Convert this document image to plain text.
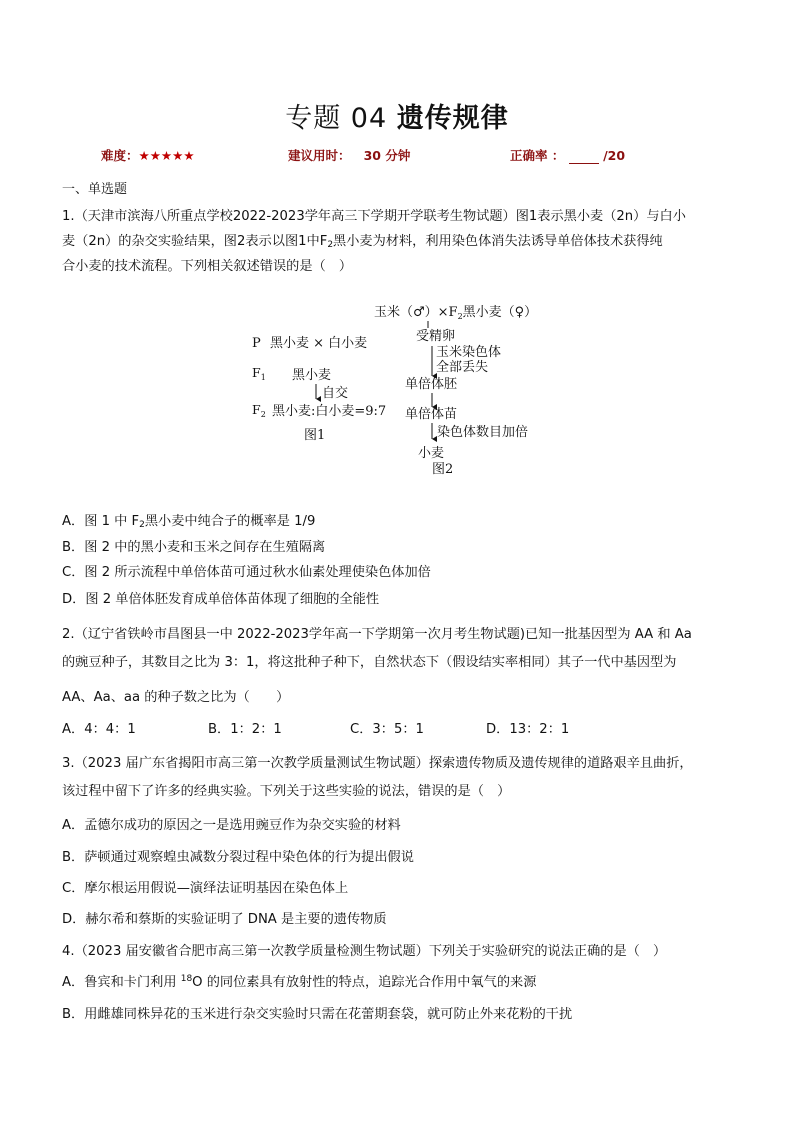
专题 04 遗传规律
难度：★★★★★	建议用时： 30 分钟	正确率 ：	/20
一、单选题
1.（天津市滨海八所重点学校2022-2023学年高三下学期开学联考生物试题）图1表示黑小麦（2n）与白小
麦（2n）的杂交实验结果，图2表示以图1中$F_2$黑小麦为材料，利用染色体消失法诱导单倍体技术获得纯
合小麦的技术流程。下列相关叙述错误的是（　）
P 黑小麦 × 白小麦
$F_1$ 黑小麦
自交
$F_2$ 黑小麦:白小麦=9:7
图1
玉米$(♂)\times F_2$黑小麦（♀）
受精卵
玉米染色体
全部丢失
单倍体胚
单倍体苗
染色体数目加倍
小麦
图2
A．图 1 中 $F_2$黑小麦中纯合子的概率是 1/9
B．图 2 中的黑小麦和玉米之间存在生殖隔离
C．图 2 所示流程中单倍体苗可通过秋水仙素处理使染色体加倍
D．图 2 单倍体胚发育成单倍体苗体现了细胞的全能性
2.（辽宁省铁岭市昌图县一中 2022-2023学年高一下学期第一次月考生物试题)已知一批基因型为 AA 和 Aa
的豌豆种子，其数目之比为 3：1，将这批种子种下，自然状态下（假设结实率相同）其子一代中基因型为
AA、Aa、aa 的种子数之比为（　　）
A．4：4：1	B．1：2：1	C．3：5：1	D．13：2：1
3.（2023 届广东省揭阳市高三第一次教学质量测试生物试题）探索遗传物质及遗传规律的道路艰辛且曲折，
该过程中留下了许多的经典实验。下列关于这些实验的说法，错误的是（　）
A．孟德尔成功的原因之一是选用豌豆作为杂交实验的材料
B．萨顿通过观察蝗虫减数分裂过程中染色体的行为提出假说
C．摩尔根运用假说—演绎法证明基因在染色体上
D．赫尔希和蔡斯的实验证明了 DNA 是主要的遗传物质
4.（2023 届安徽省合肥市高三第一次教学质量检测生物试题）下列关于实验研究的说法正确的是（　）
A．鲁宾和卡门利用 $^{18}$O 的同位素具有放射性的特点，追踪光合作用中氧气的来源
B．用雌雄同株异花的玉米进行杂交实验时只需在花蕾期套袋，就可防止外来花粉的干扰
